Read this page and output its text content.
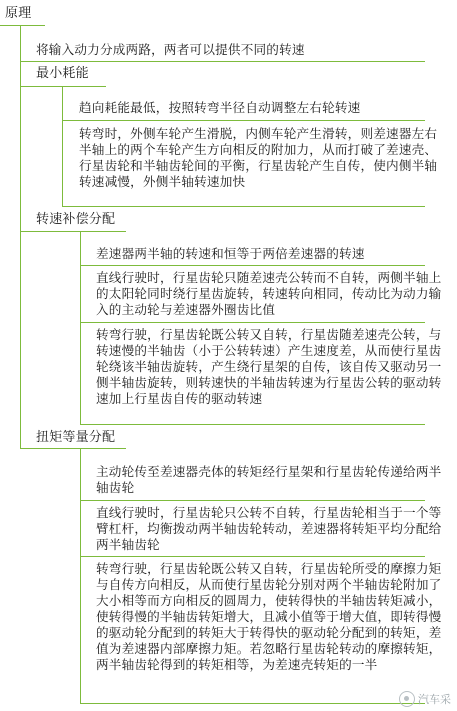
原理
将输入动力分成两路，两者可以提供不同的转速
最小耗能
趋向耗能最低，按照转弯半径自动调整左右轮转速
转弯时，外侧车轮产生滑脱，内侧车轮产生滑转，则差速器左右半轴上的两个车轮产生方向相反的附加力，从而打破了差速壳、行星齿轮和半轴齿轮间的平衡，行星齿轮产生自传，使内侧半轴转速减慢，外侧半轴转速加快
转速补偿分配
差速器两半轴的转速和恒等于两倍差速器的转速
直线行驶时，行星齿轮只随差速壳公转而不自转，两侧半轴上的太阳轮同时绕行星齿旋转，转速转向相同，传动比为动力输入的主动轮与差速器外圈齿比值
转弯行驶，行星齿轮既公转又自转，行星齿随差速壳公转，与转速慢的半轴齿（小于公转转速）产生速度差，从而使行星齿轮绕该半轴齿旋转，产生绕行星架的自传，该自传又驱动另一侧半轴齿旋转，则转速快的半轴齿转速为行星齿公转的驱动转速加上行星齿自传的驱动转速
扭矩等量分配
主动轮传至差速器壳体的转矩经行星架和行星齿轮传递给两半轴齿轮
直线行驶时，行星齿轮只公转不自转，行星齿轮相当于一个等臂杠杆，均衡拨动两半轴齿轮转动，差速器将转矩平均分配给两半轴齿轮
转弯行驶，行星齿轮既公转又自转，行星齿轮所受的摩擦力矩与自传方向相反，从而使行星齿轮分别对两个半轴齿轮附加了大小相等而方向相反的圆周力，使转得快的半轴齿转矩减小，使转得慢的半轴齿转矩增大，且减小值等于增大值，即转得慢的驱动轮分配到的转矩大于转得快的驱动轮分配到的转矩，差值为差速器内部摩擦力矩。若忽略行星齿轮转动的摩擦转矩，两半轴齿轮得到的转矩相等，为差速壳转矩的一半
汽车采
